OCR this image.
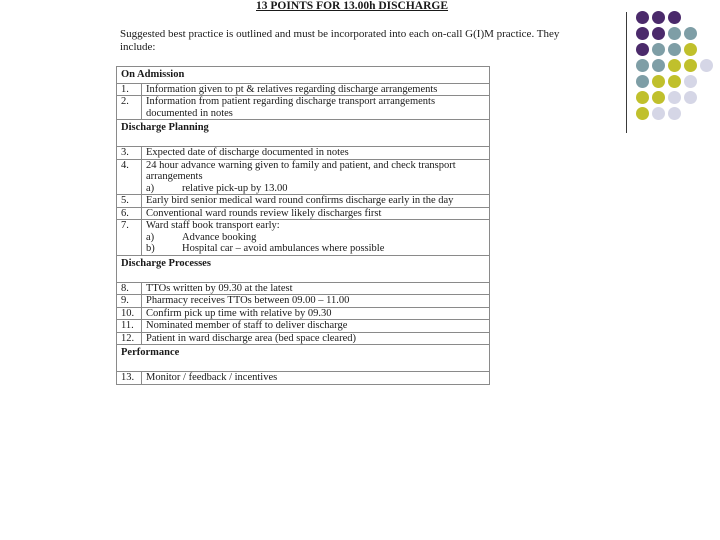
13 POINTS FOR 13.00h DISCHARGE
Suggested best practice is outlined and must be incorporated into each on-call G(I)M practice. They include:
On Admission	
1.	Information given to pt & relatives regarding discharge arrangements
2.	Information from patient regarding discharge transport arrangements documented in notes
Discharge Planning	
3.	Expected date of discharge documented in notes
4.	24 hour advance warning given to family and patient, and check transport arrangements
a) relative pick-up by 13.00

5.	Early bird senior medical ward round confirms discharge early in the day
6.	Conventional ward rounds review likely discharges first
7.	Ward staff book transport early:
a) Advance booking
b) Hospital car – avoid ambulances where possible

Discharge Processes	
8.	TTOs written by 09.30 at the latest
9.	Pharmacy receives TTOs between 09.00 – 11.00
10.	Confirm pick up time with relative by 09.30
11.	Nominated member of staff to deliver discharge
12.	Patient in ward discharge area (bed space cleared)
Performance	
13.	Monitor / feedback / incentives
